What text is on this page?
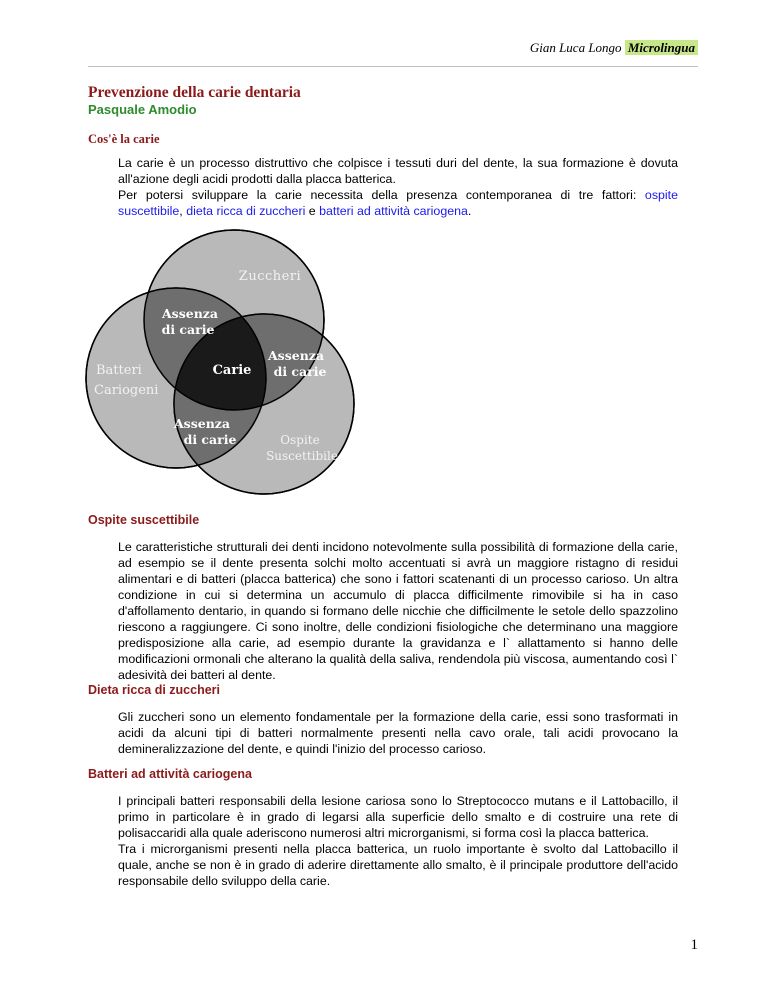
Gian Luca Longo Microlingua
Prevenzione della carie dentaria
Pasquale Amodio
Cos'è la carie
La carie è un processo distruttivo che colpisce i tessuti duri del dente, la sua formazione è dovuta all'azione degli acidi prodotti dalla placca batterica.
Per potersi sviluppare la carie necessita della presenza contemporanea di tre fattori: ospite suscettibile, dieta ricca di zuccheri e batteri ad attività cariogena.
Zuccheri
Batteri
Cariogeni
Ospite
Suscettibile
Assenza
di carie
Assenza
di carie
Assenza
di carie
Carie
Ospite suscettibile
Le caratteristiche strutturali dei denti incidono notevolmente sulla possibilità di formazione della carie, ad esempio se il dente presenta solchi molto accentuati si avrà un maggiore ristagno di residui alimentari e di batteri (placca batterica) che sono i fattori scatenanti di un processo carioso. Un altra condizione in cui si determina un accumulo di placca difficilmente rimovibile si ha in caso d'affollamento dentario, in quando si formano delle nicchie che difficilmente le setole dello spazzolino riescono a raggiungere. Ci sono inoltre, delle condizioni fisiologiche che determinano una maggiore predisposizione alla carie, ad esempio durante la gravidanza e l` allattamento si hanno delle modificazioni ormonali che alterano la qualità della saliva, rendendola più viscosa, aumentando così l` adesività dei batteri al dente.
Dieta ricca di zuccheri
Gli zuccheri sono un elemento fondamentale per la formazione della carie, essi sono trasformati in acidi da alcuni tipi di batteri normalmente presenti nella cavo orale, tali acidi provocano la demineralizzazione del dente, e quindi l'inizio del processo carioso.
Batteri ad attività cariogena
I principali batteri responsabili della lesione cariosa sono lo Streptococco mutans e il Lattobacillo, il primo in particolare è in grado di legarsi alla superficie dello smalto e di costruire una rete di polisaccaridi alla quale aderiscono numerosi altri microrganismi, si forma così la placca batterica.
Tra i microrganismi presenti nella placca batterica, un ruolo importante è svolto dal Lattobacillo il quale, anche se non è in grado di aderire direttamente allo smalto, è il principale produttore dell'acido responsabile dello sviluppo della carie.
1
